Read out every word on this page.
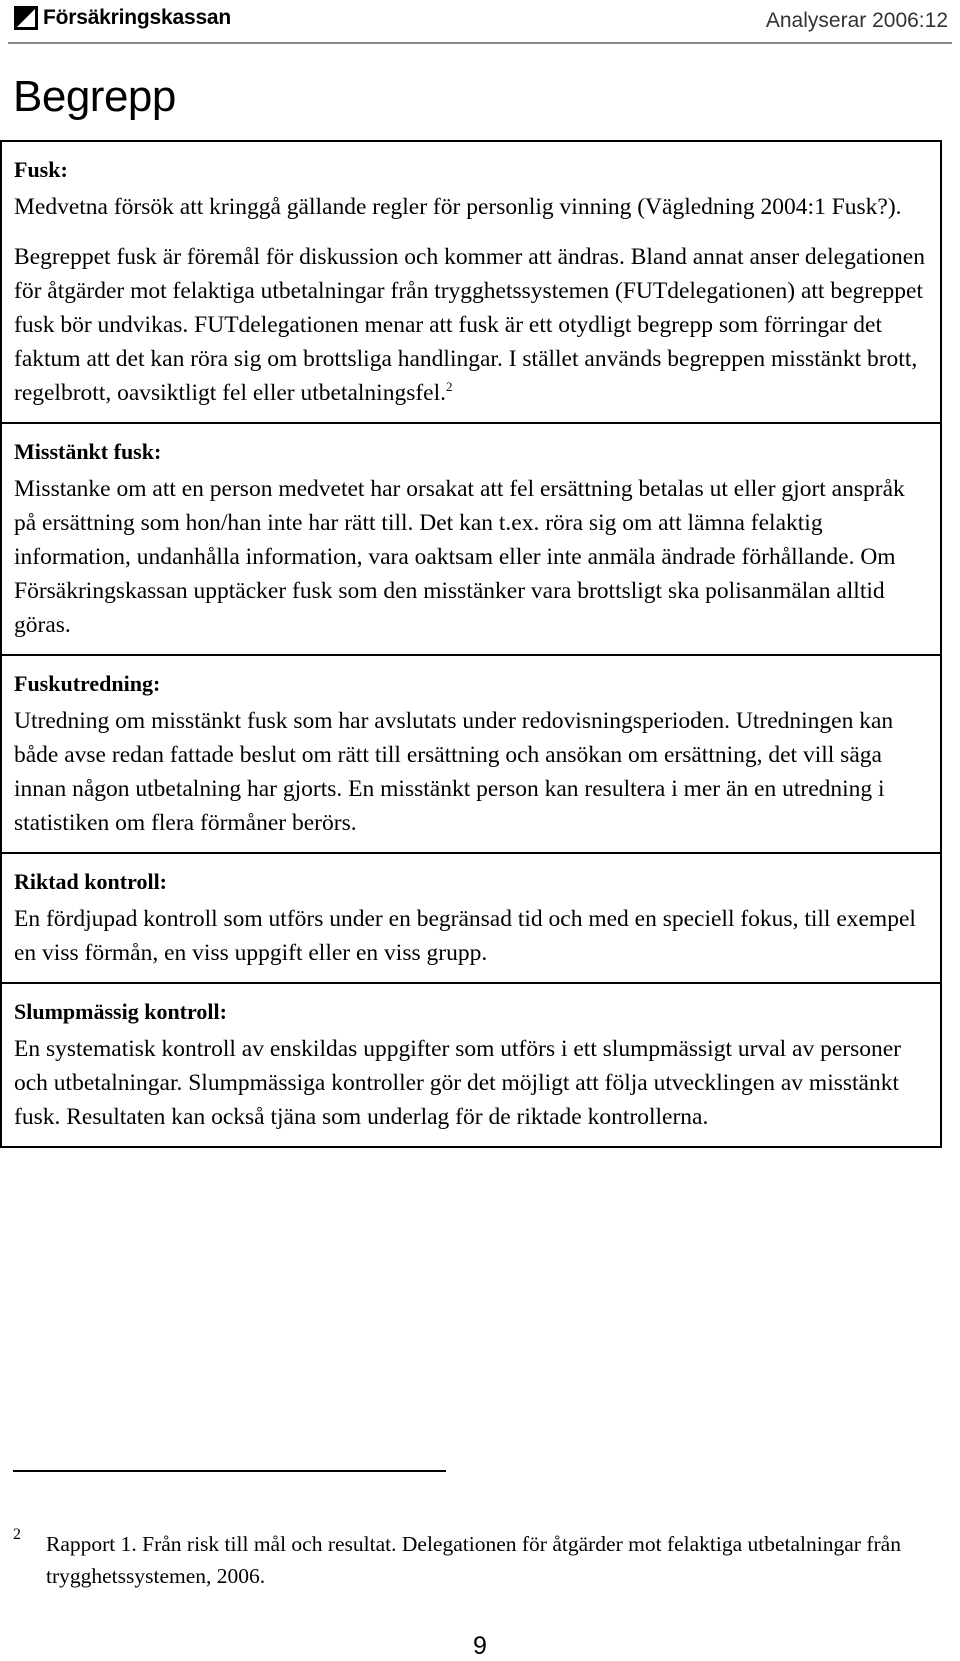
Försäkringskassan	Analyserar 2006:12
Begrepp
Fusk:

Medvetna försök att kringgå gällande regler för personlig vinning (Vägledning 2004:1 Fusk?).

Begreppet fusk är föremål för diskussion och kommer att ändras. Bland annat anser delegationen för åtgärder mot felaktiga utbetalningar från trygghetssystemen (FUTdelegationen) att begreppet fusk bör undvikas. FUTdelegationen menar att fusk är ett otydligt begrepp som förringar det faktum att det kan röra sig om brottsliga handlingar. I stället används begreppen misstänkt brott, regelbrott, oavsiktligt fel eller utbetalningsfel.$^2$

Misstänkt fusk:

Misstanke om att en person medvetet har orsakat att fel ersättning betalas ut eller gjort anspråk på ersättning som hon/han inte har rätt till. Det kan t.ex. röra sig om att lämna felaktig information, undanhålla information, vara oaktsam eller inte anmäla ändrade förhållande. Om Försäkringskassan upptäcker fusk som den misstänker vara brottsligt ska polisanmälan alltid göras.

Fuskutredning:

Utredning om misstänkt fusk som har avslutats under redovisningsperioden. Utredningen kan både avse redan fattade beslut om rätt till ersättning och ansökan om ersättning, det vill säga innan någon utbetalning har gjorts. En misstänkt person kan resultera i mer än en utredning i statistiken om flera förmåner berörs.

Riktad kontroll:

En fördjupad kontroll som utförs under en begränsad tid och med en speciell fokus, till exempel en viss förmån, en viss uppgift eller en viss grupp.

Slumpmässig kontroll:

En systematisk kontroll av enskildas uppgifter som utförs i ett slumpmässigt urval av personer och utbetalningar. Slumpmässiga kontroller gör det möjligt att följa utvecklingen av misstänkt fusk. Resultaten kan också tjäna som underlag för de riktade kontrollerna.

2 Rapport 1. Från risk till mål och resultat. Delegationen för åtgärder mot felaktiga utbetalningar från trygghetssystemen, 2006.

9
